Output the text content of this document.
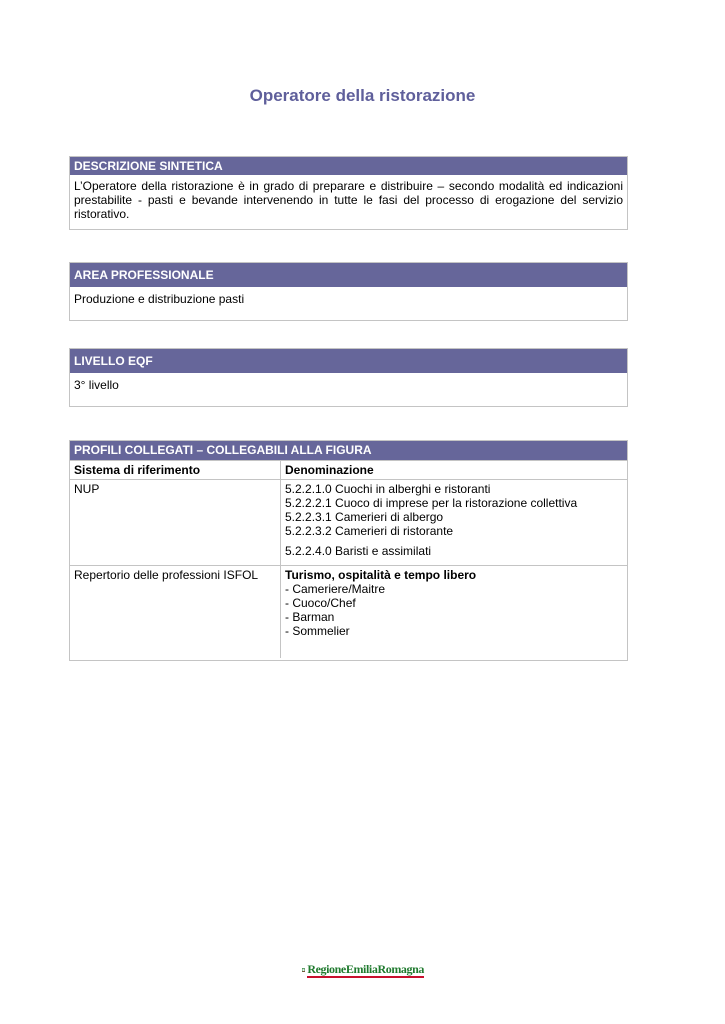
Operatore della ristorazione
DESCRIZIONE SINTETICA
L’Operatore della ristorazione è in grado di preparare e distribuire – secondo modalità ed indicazioni prestabilite - pasti e bevande intervenendo in tutte le fasi del processo di erogazione del servizio ristorativo.
AREA PROFESSIONALE
Produzione e distribuzione pasti
LIVELLO EQF
3° livello
PROFILI COLLEGATI – COLLEGABILI ALLA FIGURA
Sistema di riferimento	Denominazione
NUP	5.2.2.1.0 Cuochi in alberghi e ristoranti
5.2.2.2.1 Cuoco di imprese per la ristorazione collettiva
5.2.2.3.1 Camerieri di albergo
5.2.2.3.2 Camerieri di ristorante
5.2.2.4.0 Baristi e assimilati

Repertorio delle professioni ISFOL	Turismo, ospitalità e tempo libero
- Cameriere/Maitre
- Cuoco/Chef
- Barman
- Sommelier
RegioneEmiliaRomagna
